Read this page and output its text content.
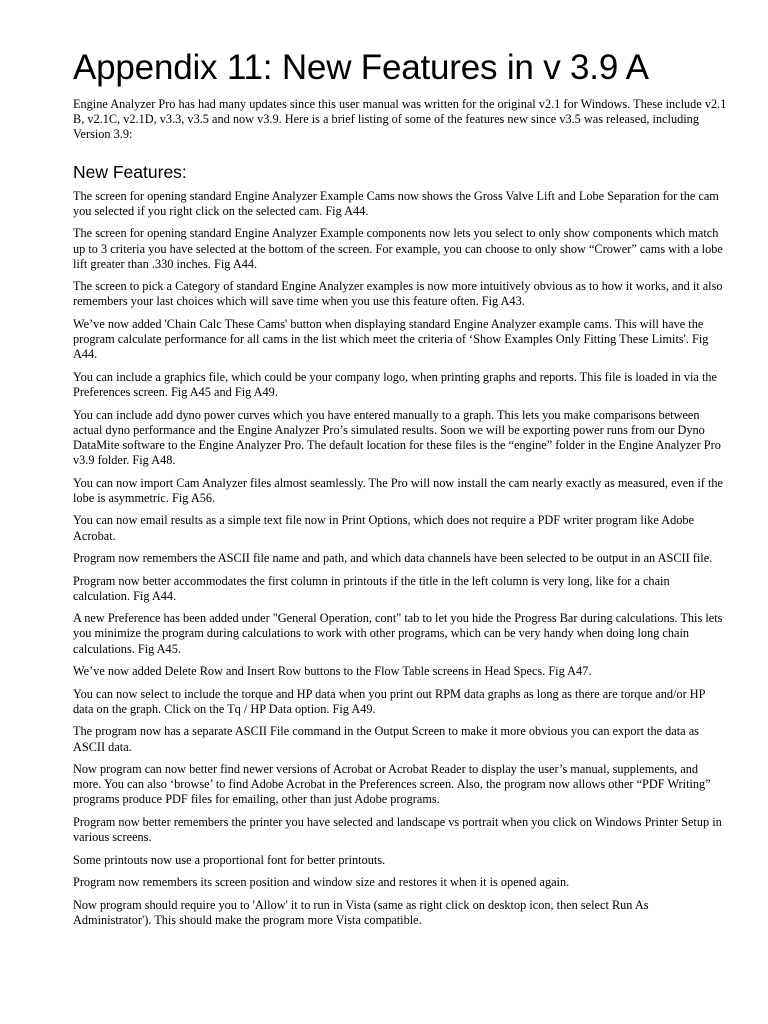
Appendix 11: New Features in v 3.9 A

Engine Analyzer Pro has had many updates since this user manual was written for the original v2.1 for Windows. These include v2.1 B, v2.1C, v2.1D, v3.3, v3.5 and now v3.9. Here is a brief listing of some of the features new since v3.5 was released, including Version 3.9:

New Features:

The screen for opening standard Engine Analyzer Example Cams now shows the Gross Valve Lift and Lobe Separation for the cam you selected if you right click on the selected cam. Fig A44.

The screen for opening standard Engine Analyzer Example components now lets you select to only show components which match up to 3 criteria you have selected at the bottom of the screen. For example, you can choose to only show “Crower” cams with a lobe lift greater than .330 inches. Fig A44.

The screen to pick a Category of standard Engine Analyzer examples is now more intuitively obvious as to how it works, and it also remembers your last choices which will save time when you use this feature often. Fig A43.

We’ve now added 'Chain Calc These Cams' button when displaying standard Engine Analyzer example cams. This will have the program calculate performance for all cams in the list which meet the criteria of ‘Show Examples Only Fitting These Limits'. Fig A44.

You can include a graphics file, which could be your company logo, when printing graphs and reports. This file is loaded in via the Preferences screen. Fig A45 and Fig A49.

You can include add dyno power curves which you have entered manually to a graph. This lets you make comparisons between actual dyno performance and the Engine Analyzer Pro’s simulated results. Soon we will be exporting power runs from our Dyno DataMite software to the Engine Analyzer Pro. The default location for these files is the “engine” folder in the Engine Analyzer Pro v3.9 folder. Fig A48.

You can now import Cam Analyzer files almost seamlessly. The Pro will now install the cam nearly exactly as measured, even if the lobe is asymmetric. Fig A56.

You can now email results as a simple text file now in Print Options, which does not require a PDF writer program like Adobe Acrobat.

Program now remembers the ASCII file name and path, and which data channels have been selected to be output in an ASCII file.

Program now better accommodates the first column in printouts if the title in the left column is very long, like for a chain calculation. Fig A44.

A new Preference has been added under "General Operation, cont" tab to let you hide the Progress Bar during calculations. This lets you minimize the program during calculations to work with other programs, which can be very handy when doing long chain calculations. Fig A45.

We’ve now added Delete Row and Insert Row buttons to the Flow Table screens in Head Specs. Fig A47.

You can now select to include the torque and HP data when you print out RPM data graphs as long as there are torque and/or HP data on the graph. Click on the Tq / HP Data option. Fig A49.

The program now has a separate ASCII File command in the Output Screen to make it more obvious you can export the data as ASCII data.

Now program can now better find newer versions of Acrobat or Acrobat Reader to display the user’s manual, supplements, and more. You can also ‘browse’ to find Adobe Acrobat in the Preferences screen. Also, the program now allows other “PDF Writing” programs produce PDF files for emailing, other than just Adobe programs.

Program now better remembers the printer you have selected and landscape vs portrait when you click on Windows Printer Setup in various screens.

Some printouts now use a proportional font for better printouts.

Program now remembers its screen position and window size and restores it when it is opened again.

Now program should require you to 'Allow' it to run in Vista (same as right click on desktop icon, then select Run As Administrator'). This should make the program more Vista compatible.
